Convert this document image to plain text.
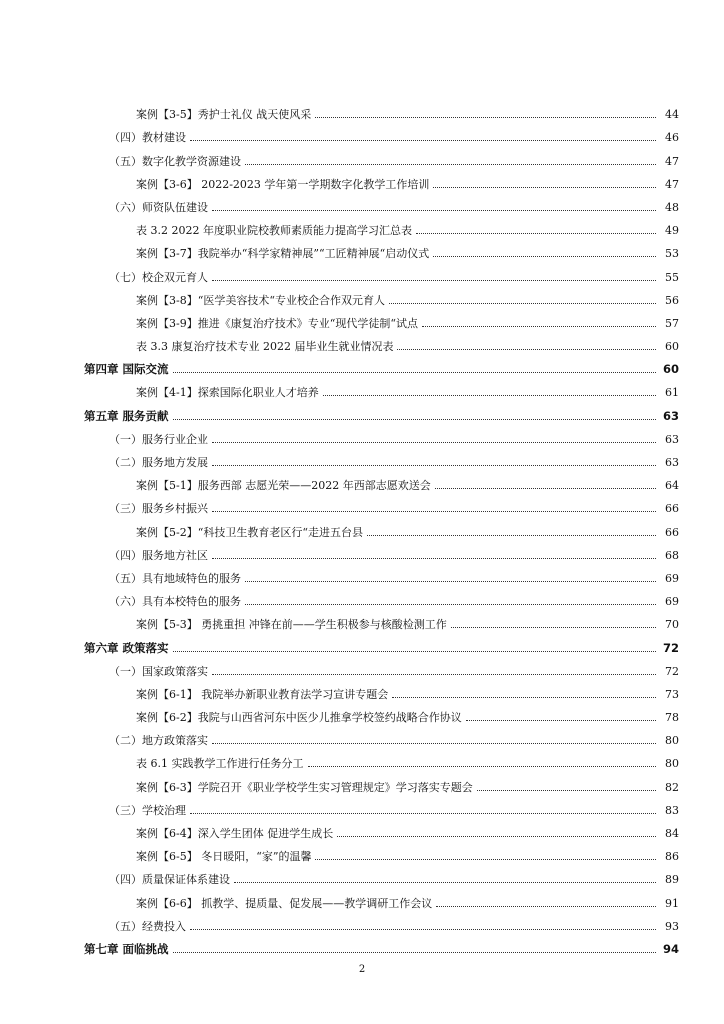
案例【3-5】秀护士礼仪 战天使风采	44
（四）教材建设	46
（五）数字化教学资源建设	47
案例【3-6】 2022-2023 学年第一学期数字化教学工作培训	47
（六）师资队伍建设	48
表 3.2 2022 年度职业院校教师素质能力提高学习汇总表	49
案例【3-7】我院举办“科学家精神展”“工匠精神展“启动仪式	53
（七）校企双元育人	55
案例【3-8】“医学美容技术“专业校企合作双元育人	56
案例【3-9】推进《康复治疗技术》专业“现代学徒制“试点	57
表 3.3 康复治疗技术专业 2022 届毕业生就业情况表	60
第四章 国际交流	60
案例【4-1】探索国际化职业人才培养	61
第五章 服务贡献	63
（一）服务行业企业	63
（二）服务地方发展	63
案例【5-1】服务西部 志愿光荣——2022 年西部志愿欢送会	64
（三）服务乡村振兴	66
案例【5-2】“科技卫生教育老区行“走进五台县	66
（四）服务地方社区	68
（五）具有地域特色的服务	69
（六）具有本校特色的服务	69
案例【5-3】 勇挑重担 冲锋在前——学生积极参与核酸检测工作	70
第六章 政策落实	72
（一）国家政策落实	72
案例【6-1】 我院举办新职业教育法学习宣讲专题会	73
案例【6-2】我院与山西省河东中医少儿推拿学校签约战略合作协议	78
（二）地方政策落实	80
表 6.1 实践教学工作进行任务分工	80
案例【6-3】学院召开《职业学校学生实习管理规定》学习落实专题会	82
（三）学校治理	83
案例【6-4】深入学生团体 促进学生成长	84
案例【6-5】 冬日暖阳，“家”的温馨	86
（四）质量保证体系建设	89
案例【6-6】 抓教学、提质量、促发展——教学调研工作会议	91
（五）经费投入	93
第七章 面临挑战	94
2
